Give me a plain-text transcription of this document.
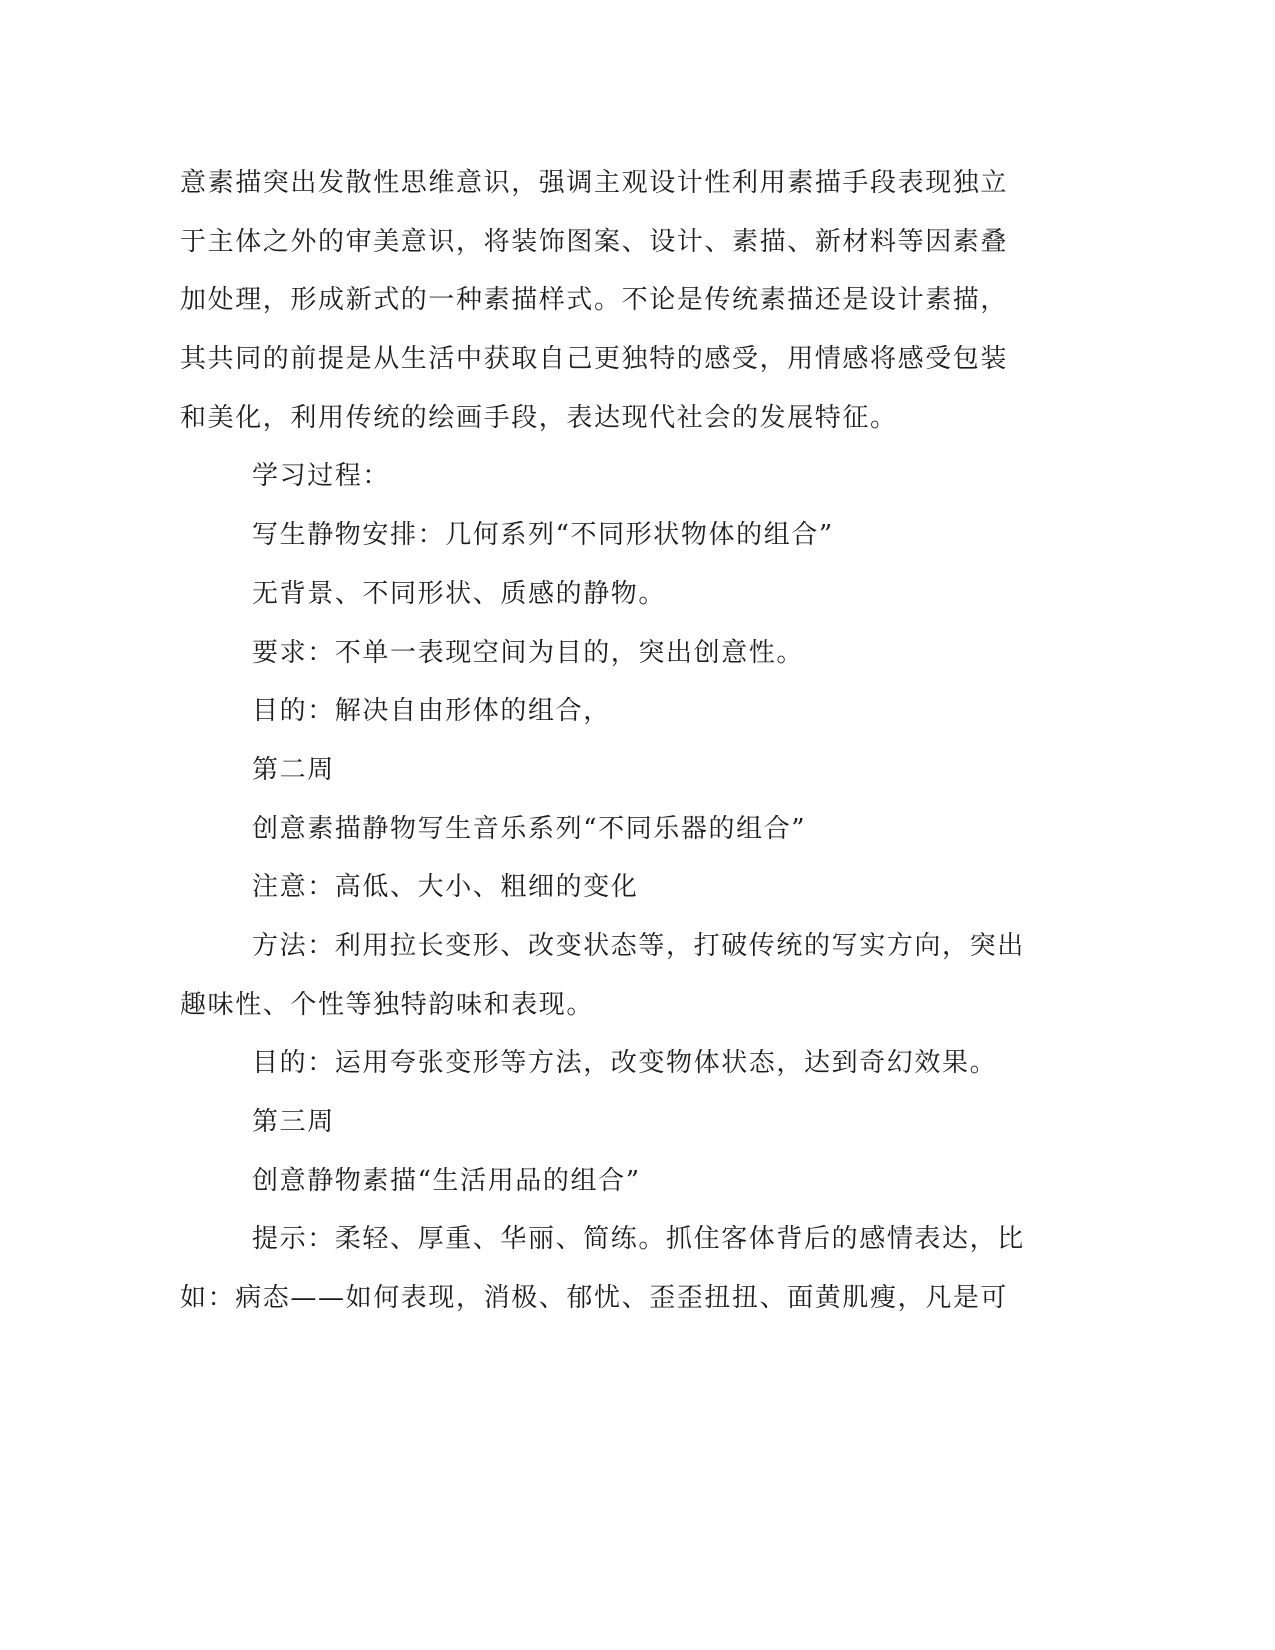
意素描突出发散性思维意识，强调主观设计性利用素描手段表现独立
于主体之外的审美意识，将装饰图案、设计、素描、新材料等因素叠
加处理，形成新式的一种素描样式。不论是传统素描还是设计素描，
其共同的前提是从生活中获取自己更独特的感受，用情感将感受包装
和美化，利用传统的绘画手段，表达现代社会的发展特征。
学习过程：
写生静物安排：几何系列“不同形状物体的组合”
无背景、不同形状、质感的静物。
要求：不单一表现空间为目的，突出创意性。
目的：解决自由形体的组合，
第二周
创意素描静物写生音乐系列“不同乐器的组合”
注意：高低、大小、粗细的变化
方法：利用拉长变形、改变状态等，打破传统的写实方向，突出
趣味性、个性等独特韵味和表现。
目的：运用夸张变形等方法，改变物体状态，达到奇幻效果。
第三周
创意静物素描“生活用品的组合”
提示：柔轻、厚重、华丽、简练。抓住客体背后的感情表达，比
如：病态——如何表现，消极、郁忧、歪歪扭扭、面黄肌瘦，凡是可
